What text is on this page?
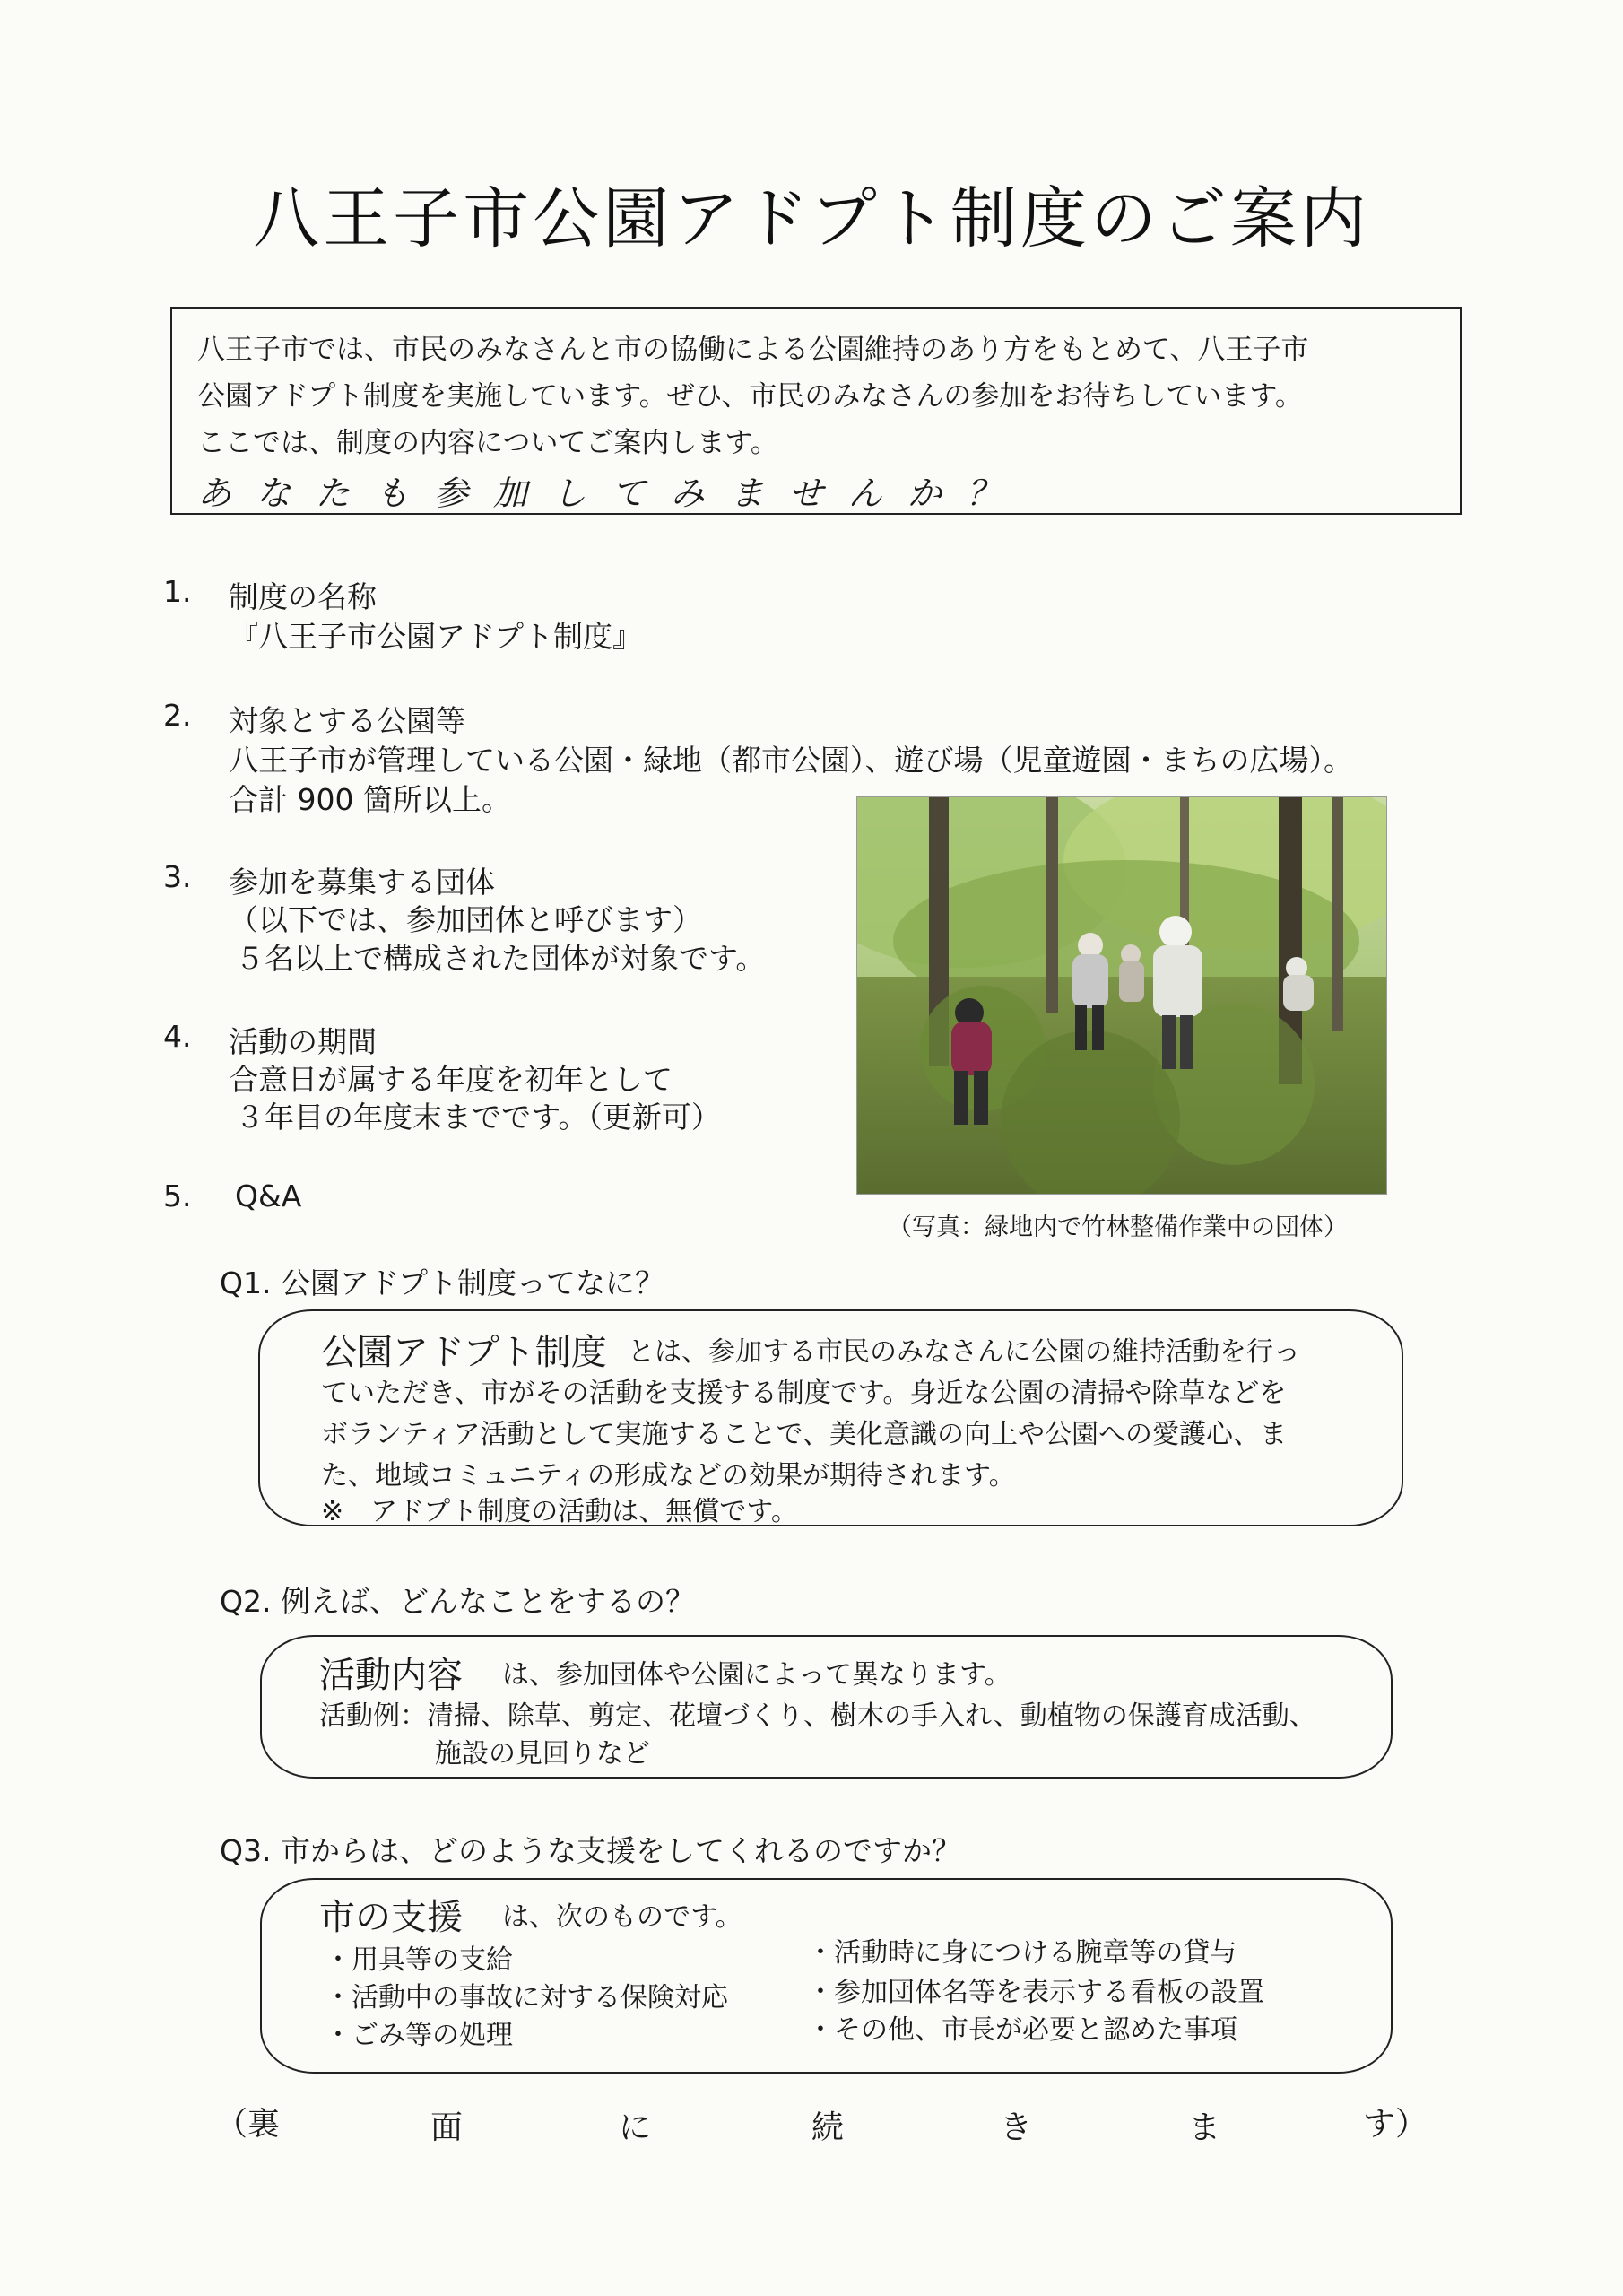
八王子市公園アドプト制度のご案内
八王子市では、市民のみなさんと市の協働による公園維持のあり方をもとめて、八王子市
公園アドプト制度を実施しています。ぜひ、市民のみなさんの参加をお待ちしています。
ここでは、制度の内容についてご案内します。
あなたも参加してみませんか？
1. 制度の名称
『八王子市公園アドプト制度』
2. 対象とする公園等
八王子市が管理している公園・緑地（都市公園）、遊び場（児童遊園・まちの広場）。
合計 900 箇所以上。
3. 参加を募集する団体
（以下では、参加団体と呼びます）
５名以上で構成された団体が対象です。
4. 活動の期間
合意日が属する年度を初年として
３年目の年度末までです。（更新可）
5. Q&A
（写真：緑地内で竹林整備作業中の団体）
Q1. 公園アドプト制度ってなに？
公園アドプト制度 とは、参加する市民のみなさんに公園の維持活動を行っ
ていただき、市がその活動を支援する制度です。身近な公園の清掃や除草などを
ボランティア活動として実施することで、美化意識の向上や公園への愛護心、ま
た、地域コミュニティの形成などの効果が期待されます。
※　アドプト制度の活動は、無償です。
Q2. 例えば、どんなことをするの？
活動内容 は、参加団体や公園によって異なります。
活動例：清掃、除草、剪定、花壇づくり、樹木の手入れ、動植物の保護育成活動、
施設の見回りなど
Q3. 市からは、どのような支援をしてくれるのですか？
市の支援 は、次のものです。
・用具等の支給
・活動中の事故に対する保険対応
・ごみ等の処理
・活動時に身につける腕章等の貸与
・参加団体名等を表示する看板の設置
・その他、市長が必要と認めた事項
（裏	面	に	続	き	ま	す）
